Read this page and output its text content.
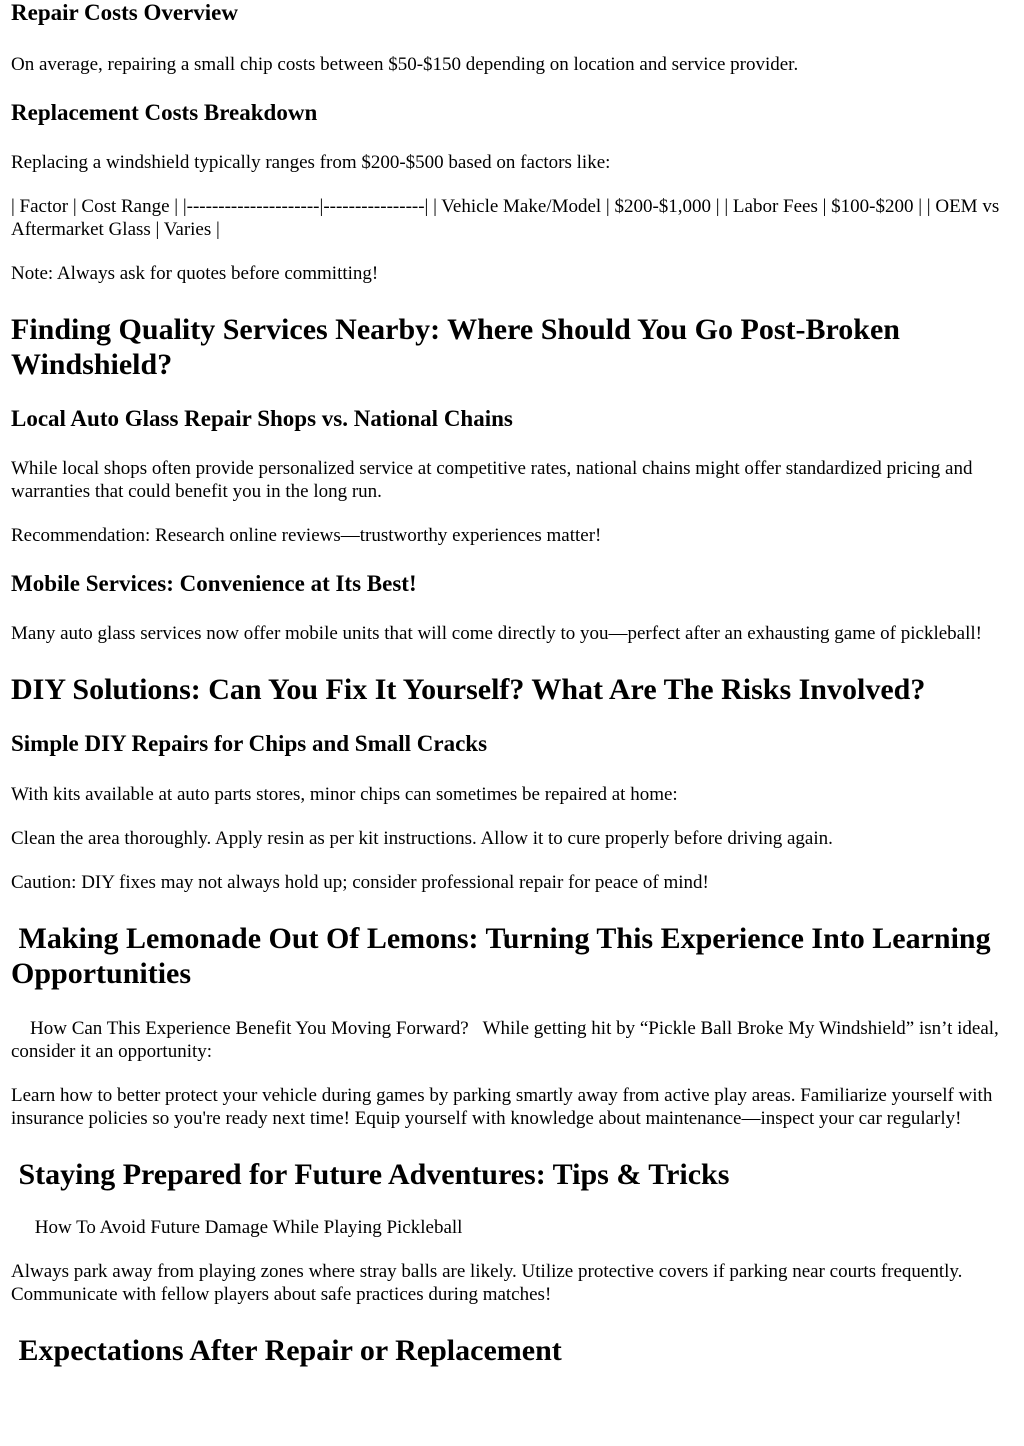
Repair Costs Overview

On average, repairing a small chip costs between $50-$150 depending on location and service provider.

Replacement Costs Breakdown

Replacing a windshield typically ranges from $200-$500 based on factors like:

| Factor | Cost Range | |---------------------|----------------| | Vehicle Make/Model | $200-$1,000 | | Labor Fees | $100-$200 | | OEM vs Aftermarket Glass | Varies |

Note: Always ask for quotes before committing!

Finding Quality Services Nearby: Where Should You Go Post-Broken Windshield?
Local Auto Glass Repair Shops vs. National Chains

While local shops often provide personalized service at competitive rates, national chains might offer standardized pricing and warranties that could benefit you in the long run.

Recommendation: Research online reviews—trustworthy experiences matter!

Mobile Services: Convenience at Its Best!

Many auto glass services now offer mobile units that will come directly to you—perfect after an exhausting game of pickleball!

DIY Solutions: Can You Fix It Yourself? What Are The Risks Involved?
Simple DIY Repairs for Chips and Small Cracks

With kits available at auto parts stores, minor chips can sometimes be repaired at home:

Clean the area thoroughly. Apply resin as per kit instructions. Allow it to cure properly before driving again.

Caution: DIY fixes may not always hold up; consider professional repair for peace of mind!

Making Lemonade Out Of Lemons: Turning This Experience Into Learning Opportunities

How Can This Experience Benefit You Moving Forward?   While getting hit by “Pickle Ball Broke My Windshield” isn’t ideal, consider it an opportunity:

Learn how to better protect your vehicle during games by parking smartly away from active play areas. Familiarize yourself with insurance policies so you're ready next time! Equip yourself with knowledge about maintenance—inspect your car regularly!

Staying Prepared for Future Adventures: Tips & Tricks

How To Avoid Future Damage While Playing Pickleball

Always park away from playing zones where stray balls are likely. Utilize protective covers if parking near courts frequently. Communicate with fellow players about safe practices during matches!

Expectations After Repair or Replacement
